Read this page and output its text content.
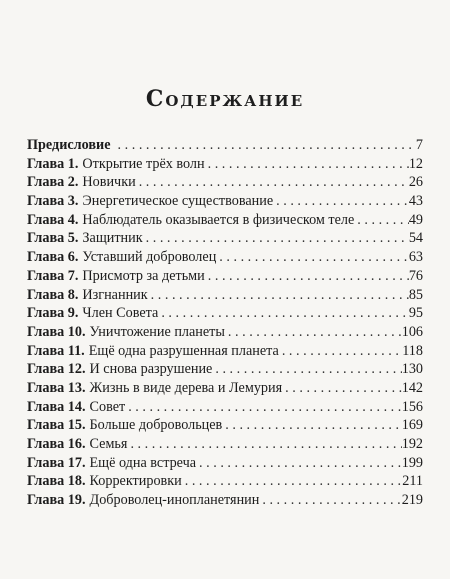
Содержание
Предисловие . . .	7
Глава 1. Открытие трёх волн . . .	12
Глава 2. Новички . . .	26
Глава 3. Энергетическое существование . . .	43
Глава 4. Наблюдатель оказывается в физическом теле . . .	49
Глава 5. Защитник . . .	54
Глава 6. Уставший доброволец . . .	63
Глава 7. Присмотр за детьми . . .	76
Глава 8. Изгнанник . . .	85
Глава 9. Член Совета . . .	95
Глава 10. Уничтожение планеты . . .	106
Глава 11. Ещё одна разрушенная планета . . .	118
Глава 12. И снова разрушение . . .	130
Глава 13. Жизнь в виде дерева и Лемурия . . .	142
Глава 14. Совет . . .	156
Глава 15. Больше добровольцев . . .	169
Глава 16. Семья . . .	192
Глава 17. Ещё одна встреча . . .	199
Глава 18. Корректировки . . .	211
Глава 19. Доброволец-инопланетянин . . .	219
